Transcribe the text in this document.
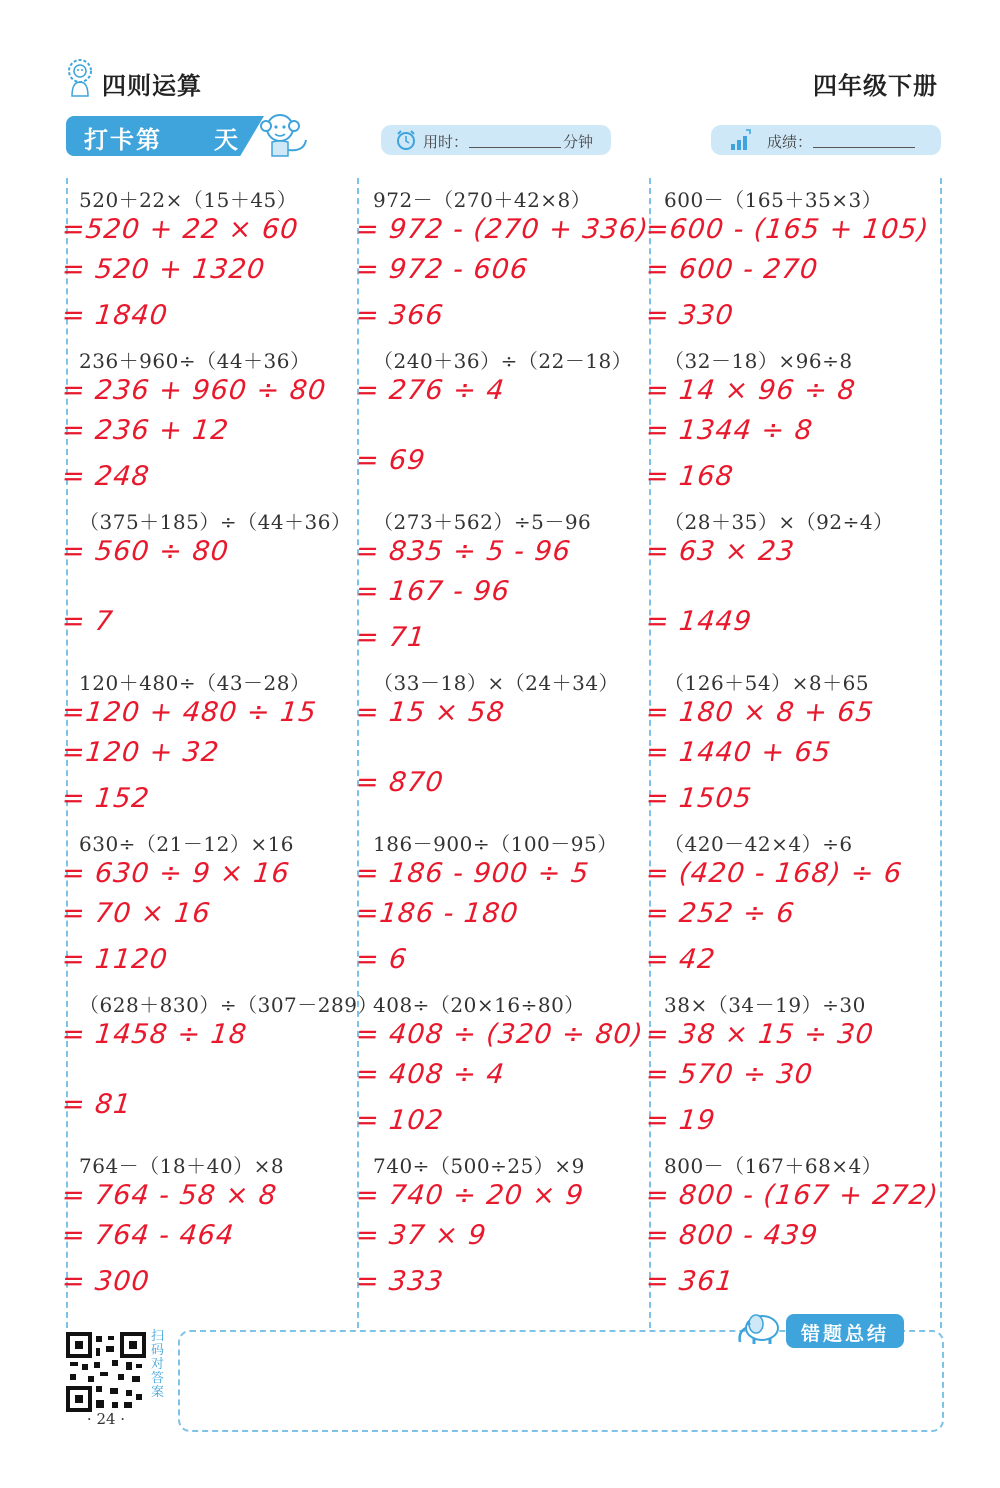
四则运算	四年级下册
打卡第　　天	用时：	分钟	成绩：
520＋22×（15＋45）
=520 + 22 × 60
= 520 + 1320
= 1840
236＋960÷（44＋36）
= 236 + 960 ÷ 80
= 236 + 12
= 248
（375＋185）÷（44＋36）
= 560 ÷ 80
= 7
120＋480÷（43－28）
=120 + 480 ÷ 15
=120 + 32
= 152
630÷（21－12）×16
= 630 ÷ 9 × 16
= 70 × 16
= 1120
（628＋830）÷（307－289）
= 1458 ÷ 18
= 81
764－（18＋40）×8
= 764 - 58 × 8
= 764 - 464
= 300
972－（270＋42×8）
= 972 - (270 + 336)
= 972 - 606
= 366
（240＋36）÷（22－18）
= 276 ÷ 4
= 69
（273＋562）÷5－96
= 835 ÷ 5 - 96
= 167 - 96
= 71
（33－18）×（24＋34）
= 15 × 58
= 870
186－900÷（100－95）
= 186 - 900 ÷ 5
=186 - 180
= 6
408÷（20×16÷80）
= 408 ÷ (320 ÷ 80)
= 408 ÷ 4
= 102
740÷（500÷25）×9
= 740 ÷ 20 × 9
= 37 × 9
= 333
600－（165＋35×3）
=600 - (165 + 105)
= 600 - 270
= 330
（32－18）×96÷8
= 14 × 96 ÷ 8
= 1344 ÷ 8
= 168
（28＋35）×（92÷4）
= 63 × 23
= 1449
（126＋54）×8＋65
= 180 × 8 + 65
= 1440 + 65
= 1505
（420－42×4）÷6
= (420 - 168) ÷ 6
= 252 ÷ 6
= 42
38×（34－19）÷30
= 38 × 15 ÷ 30
= 570 ÷ 30
= 19
800－（167＋68×4）
= 800 - (167 + 272)
= 800 - 439
= 361
扫码对答案
· 24 ·
错题总结
